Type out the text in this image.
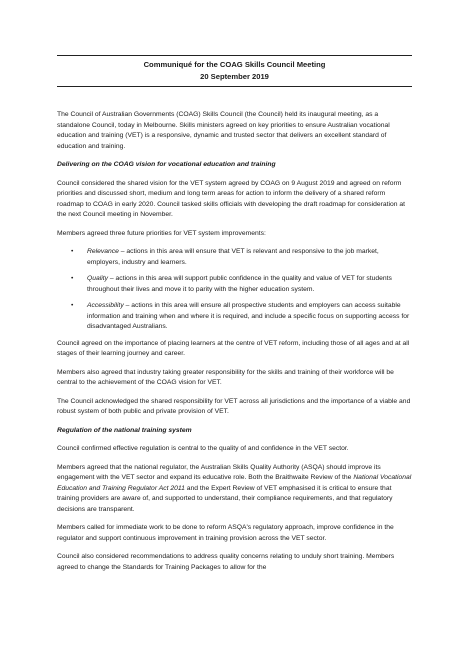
Communiqué for the COAG Skills Council Meeting
20 September 2019

The Council of Australian Governments (COAG) Skills Council (the Council) held its inaugural meeting, as a standalone Council, today in Melbourne. Skills ministers agreed on key priorities to ensure Australian vocational education and training (VET) is a responsive, dynamic and trusted sector that delivers an excellent standard of education and training.

Delivering on the COAG vision for vocational education and training

Council considered the shared vision for the VET system agreed by COAG on 9 August 2019 and agreed on reform priorities and discussed short, medium and long term areas for action to inform the delivery of a shared reform roadmap to COAG in early 2020. Council tasked skills officials with developing the draft roadmap for consideration at the next Council meeting in November.

Members agreed three future priorities for VET system improvements:

• Relevance – actions in this area will ensure that VET is relevant and responsive to the job market, employers, industry and learners.
• Quality – actions in this area will support public confidence in the quality and value of VET for students throughout their lives and move it to parity with the higher education system.
• Accessibility – actions in this area will ensure all prospective students and employers can access suitable information and training when and where it is required, and include a specific focus on supporting access for disadvantaged Australians.

Council agreed on the importance of placing learners at the centre of VET reform, including those of all ages and at all stages of their learning journey and career.

Members also agreed that industry taking greater responsibility for the skills and training of their workforce will be central to the achievement of the COAG vision for VET.

The Council acknowledged the shared responsibility for VET across all jurisdictions and the importance of a viable and robust system of both public and private provision of VET.

Regulation of the national training system

Council confirmed effective regulation is central to the quality of and confidence in the VET sector.

Members agreed that the national regulator, the Australian Skills Quality Authority (ASQA) should improve its engagement with the VET sector and expand its educative role. Both the Braithwaite Review of the National Vocational Education and Training Regulator Act 2011 and the Expert Review of VET emphasised it is critical to ensure that training providers are aware of, and supported to understand, their compliance requirements, and that regulatory decisions are transparent.

Members called for immediate work to be done to reform ASQA's regulatory approach, improve confidence in the regulator and support continuous improvement in training provision across the VET sector.

Council also considered recommendations to address quality concerns relating to unduly short training. Members agreed to change the Standards for Training Packages to allow for the
